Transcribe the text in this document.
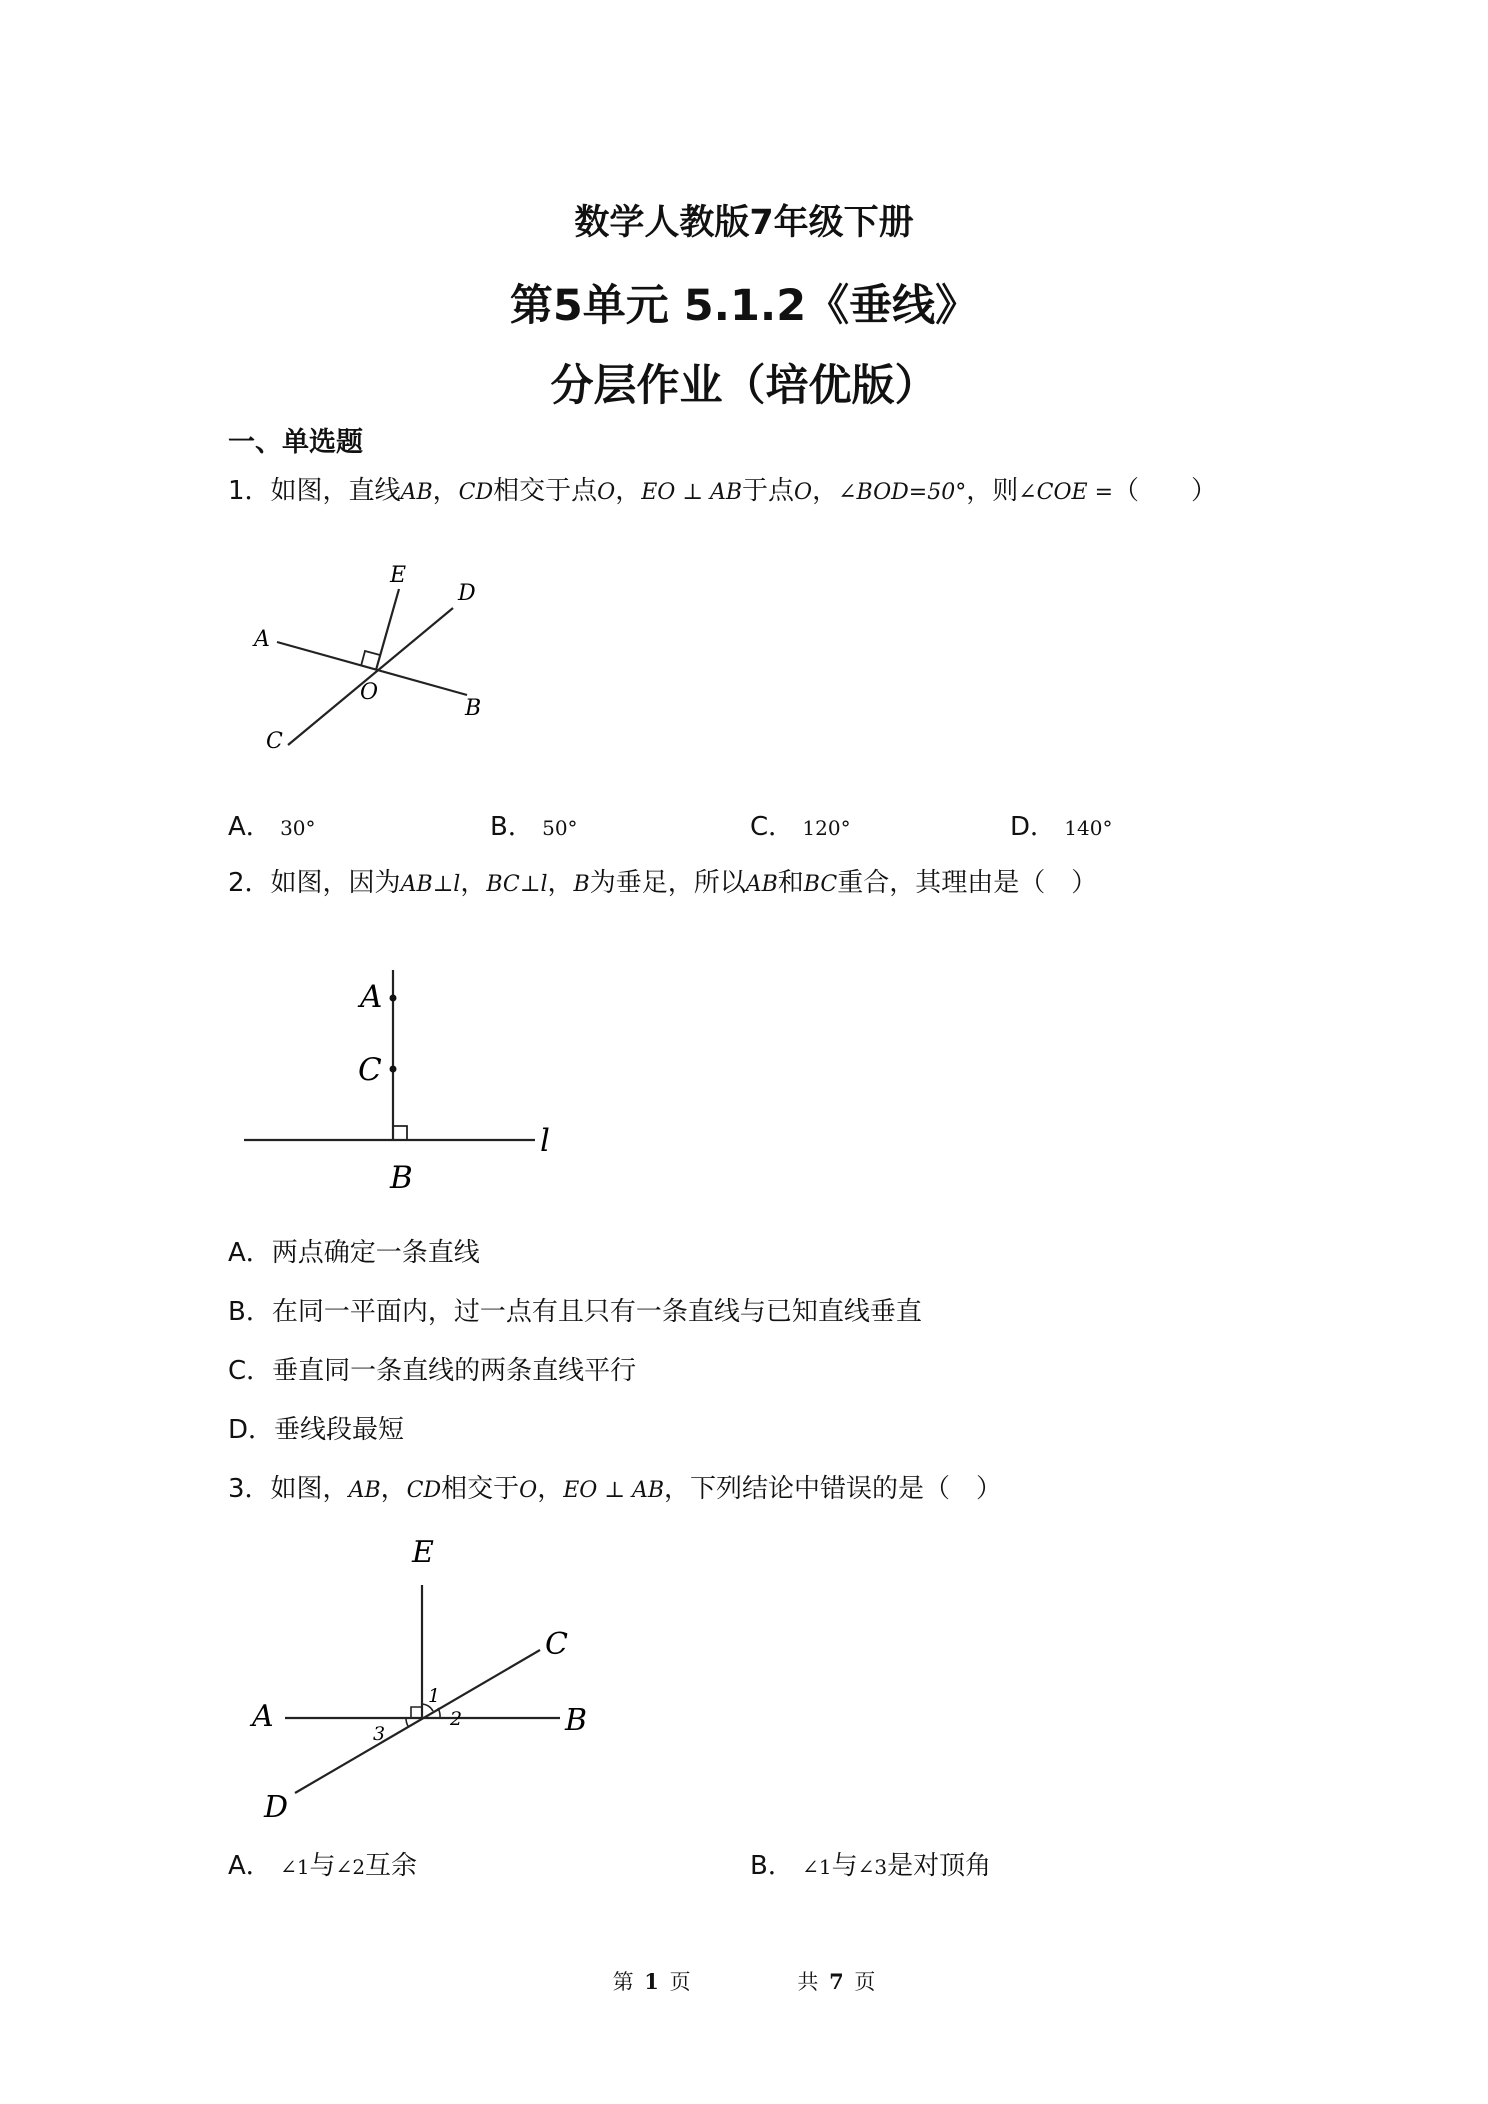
数学人教版7年级下册
第5单元 5.1.2《垂线》
分层作业（培优版）
一、单选题
1．如图，直线AB，CD相交于点O，EO ⊥ AB于点O，∠BOD=50°，则∠COE =（　　）
E
D
A
O
B
C
A． 30°	B． 50°	C． 120°	D． 140°
2．如图，因为AB⊥l，BC⊥l，B为垂足，所以AB和BC重合，其理由是（　）
A
C
B
l
A．两点确定一条直线
B．在同一平面内，过一点有且只有一条直线与已知直线垂直
C．垂直同一条直线的两条直线平行
D．垂线段最短
3．如图，AB，CD相交于O，EO ⊥ AB，下列结论中错误的是（　）
E
C
A	B
D
1
2
3
A． ∠1与∠2互余	B． ∠1与∠3是对顶角
第 1 页	共 7 页
